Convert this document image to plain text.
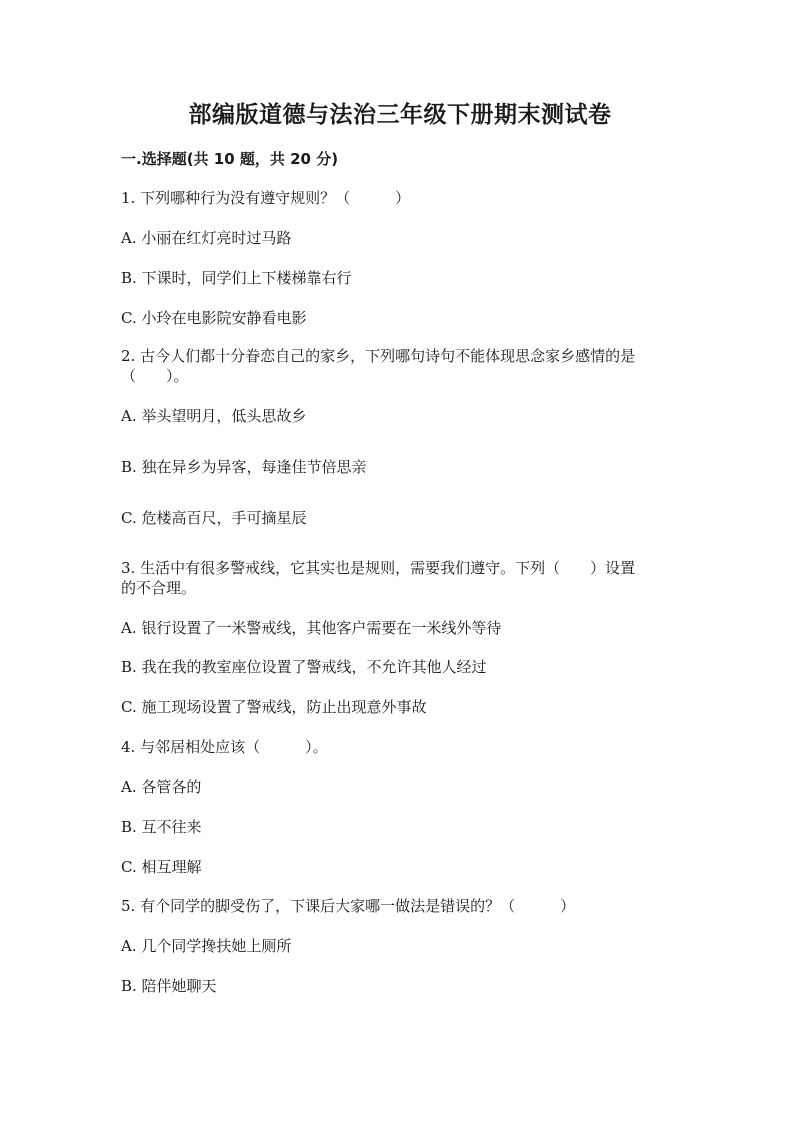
部编版道德与法治三年级下册期末测试卷
一.选择题(共 10 题，共 20 分)
1. 下列哪种行为没有遵守规则？（　　　）
A. 小丽在红灯亮时过马路
B. 下课时，同学们上下楼梯靠右行
C. 小玲在电影院安静看电影
2. 古今人们都十分眷恋自己的家乡，下列哪句诗句不能体现思念家乡感情的是
（　　）。
A. 举头望明月，低头思故乡
B. 独在异乡为异客，每逢佳节倍思亲
C. 危楼高百尺，手可摘星辰
3. 生活中有很多警戒线，它其实也是规则，需要我们遵守。下列（　　）设置
的不合理。
A. 银行设置了一米警戒线，其他客户需要在一米线外等待
B. 我在我的教室座位设置了警戒线，不允许其他人经过
C. 施工现场设置了警戒线，防止出现意外事故
4. 与邻居相处应该（　　　）。
A. 各管各的
B. 互不往来
C. 相互理解
5. 有个同学的脚受伤了，下课后大家哪一做法是错误的？（　　　）
A. 几个同学搀扶她上厕所
B. 陪伴她聊天
